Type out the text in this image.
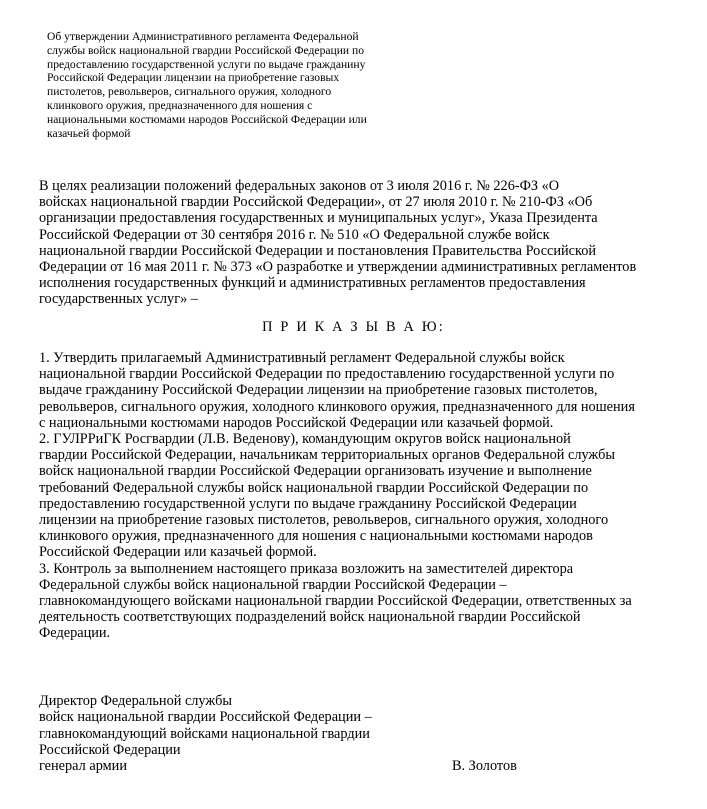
Об утверждении Административного регламента Федеральной
службы войск национальной гвардии Российской Федерации по
предоставлению государственной услуги по выдаче гражданину
Российской Федерации лицензии на приобретение газовых
пистолетов, револьверов, сигнального оружия, холодного
клинкового оружия, предназначенного для ношения с
национальными костюмами народов Российской Федерации или
казачьей формой
В целях реализации положений федеральных законов от 3 июля 2016 г. № 226-ФЗ «О
войсках национальной гвардии Российской Федерации», от 27 июля 2010 г. № 210-ФЗ «Об
организации предоставления государственных и муниципальных услуг», Указа Президента
Российской Федерации от 30 сентября 2016 г. № 510 «О Федеральной службе войск
национальной гвардии Российской Федерации и постановления Правительства Российской
Федерации от 16 мая 2011 г. № 373 «О разработке и утверждении административных регламентов
исполнения государственных функций и административных регламентов предоставления
государственных услуг» –
П Р И К А З Ы В А Ю:

1. Утвердить прилагаемый Административный регламент Федеральной службы войск
национальной гвардии Российской Федерации по предоставлению государственной услуги по
выдаче гражданину Российской Федерации лицензии на приобретение газовых пистолетов,
револьверов, сигнального оружия, холодного клинкового оружия, предназначенного для ношения
с национальными костюмами народов Российской Федерации или казачьей формой.

2. ГУЛРРиГК Росгвардии (Л.В. Веденову), командующим округов войск национальной
гвардии Российской Федерации, начальникам территориальных органов Федеральной службы
войск национальной гвардии Российской Федерации организовать изучение и выполнение
требований Федеральной службы войск национальной гвардии Российской Федерации по
предоставлению государственной услуги по выдаче гражданину Российской Федерации
лицензии на приобретение газовых пистолетов, револьверов, сигнального оружия, холодного
клинкового оружия, предназначенного для ношения с национальными костюмами народов
Российской Федерации или казачьей формой.

3. Контроль за выполнением настоящего приказа возложить на заместителей директора
Федеральной службы войск национальной гвардии Российской Федерации –
главнокомандующего войсками национальной гвардии Российской Федерации, ответственных за
деятельность соответствующих подразделений войск национальной гвардии Российской
Федерации.

Директор Федеральной службы
войск национальной гвардии Российской Федерации –
главнокомандующий войсками национальной гвардии
Российской Федерации
генерал армии	В. Золотов
